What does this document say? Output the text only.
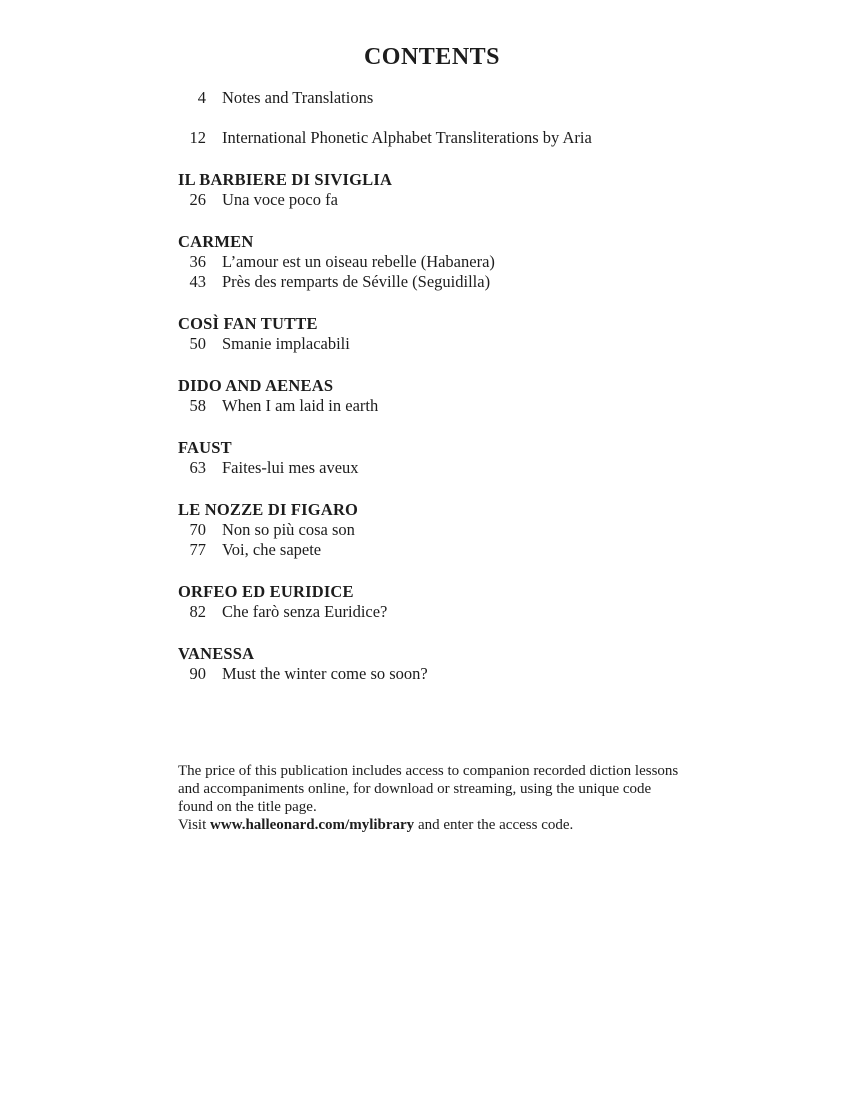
CONTENTS
4 Notes and Translations
12 International Phonetic Alphabet Transliterations by Aria
IL BARBIERE DI SIVIGLIA
26 Una voce poco fa
CARMEN
36 L’amour est un oiseau rebelle (Habanera)
43 Près des remparts de Séville (Seguidilla)
COSÌ FAN TUTTE
50 Smanie implacabili
DIDO AND AENEAS
58 When I am laid in earth
FAUST
63 Faites-lui mes aveux
LE NOZZE DI FIGARO
70 Non so più cosa son
77 Voi, che sapete
ORFEO ED EURIDICE
82 Che farò senza Euridice?
VANESSA
90 Must the winter come so soon?
The price of this publication includes access to companion recorded diction lessons
and accompaniments online, for download or streaming, using the unique code
found on the title page.
Visit www.halleonard.com/mylibrary and enter the access code.
